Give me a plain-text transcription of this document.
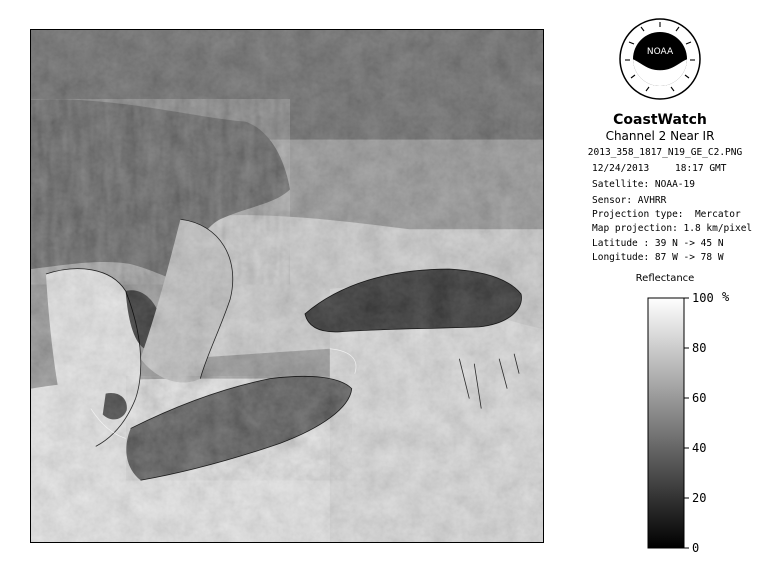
NOAA
CoastWatch
Channel 2 Near IR
2013_358_1817_N19_GE_C2.PNG
12/24/2013	18:17 GMT
Satellite: NOAA-19
Sensor: AVHRR
Projection type:  Mercator
Map projection: 1.8 km/pixel
Latitude : 39 N -> 45 N
Longitude: 87 W -> 78 W
Reflectance
0
20
40
60
80
100 %
